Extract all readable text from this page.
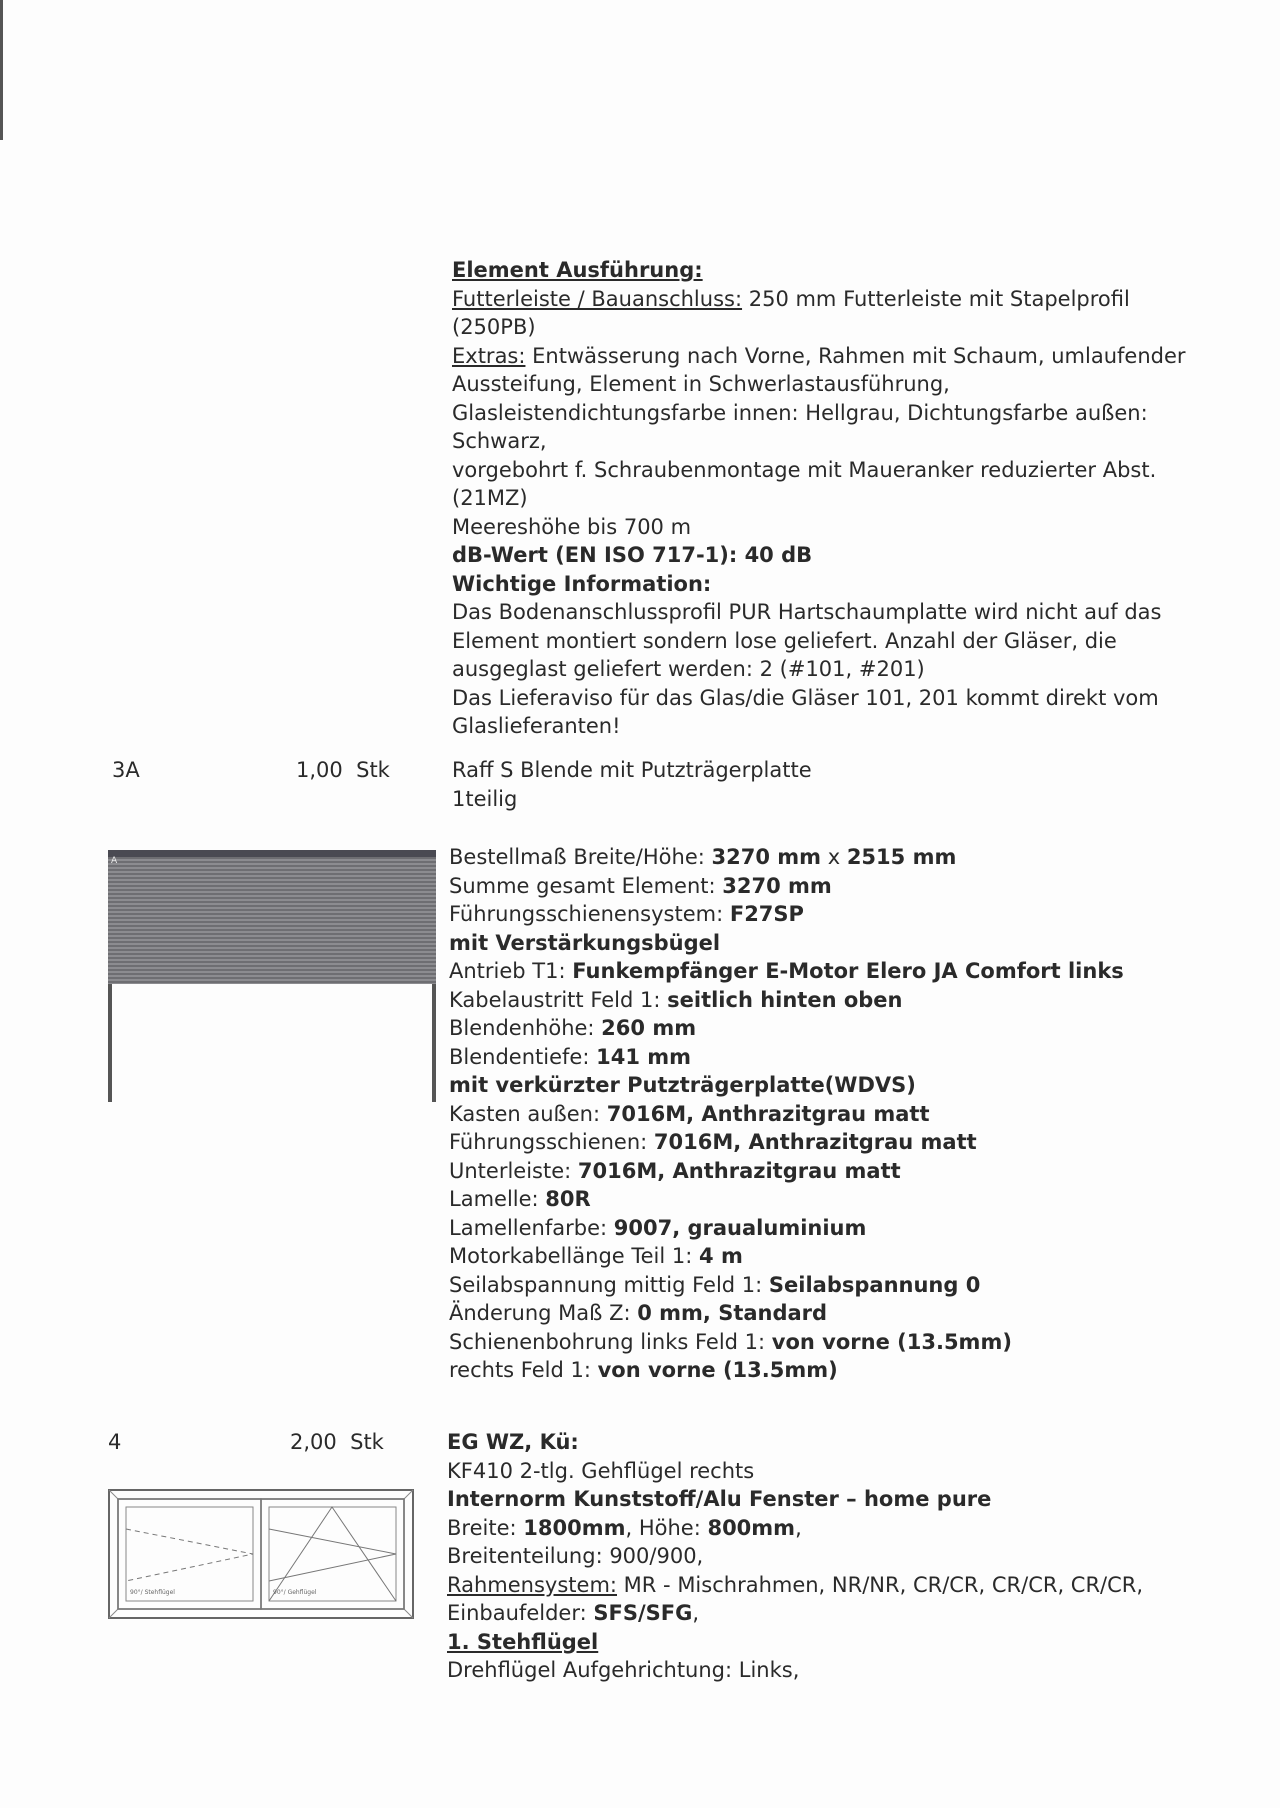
Element Ausführung:
Futterleiste / Bauanschluss: 250 mm Futterleiste mit Stapelprofil
(250PB)
Extras: Entwässerung nach Vorne, Rahmen mit Schaum, umlaufender
Aussteifung, Element in Schwerlastausführung,
Glasleistendichtungsfarbe innen: Hellgrau, Dichtungsfarbe außen:
Schwarz,
vorgebohrt f. Schraubenmontage mit Maueranker reduzierter Abst.
(21MZ)
Meereshöhe bis 700 m
dB-Wert (EN ISO 717-1): 40 dB
Wichtige Information:
Das Bodenanschlussprofil PUR Hartschaumplatte wird nicht auf das
Element montiert sondern lose geliefert. Anzahl der Gläser, die
ausgeglast geliefert werden: 2 (#101, #201)
Das Lieferaviso für das Glas/die Gläser 101, 201 kommt direkt vom
Glaslieferanten!
3A	1,00  Stk	Raff S Blende mit Putzträgerplatte
1teilig
A	Bestellmaß Breite/Höhe: 3270 mm x 2515 mm
Summe gesamt Element: 3270 mm
Führungsschienensystem: F27SP
mit Verstärkungsbügel
Antrieb T1: Funkempfänger E-Motor Elero JA Comfort links
Kabelaustritt Feld 1: seitlich hinten oben
Blendenhöhe: 260 mm
Blendentiefe: 141 mm
mit verkürzter Putzträgerplatte(WDVS)
Kasten außen: 7016M, Anthrazitgrau matt
Führungsschienen: 7016M, Anthrazitgrau matt
Unterleiste: 7016M, Anthrazitgrau matt
Lamelle: 80R
Lamellenfarbe: 9007, graualuminium
Motorkabellänge Teil 1: 4 m
Seilabspannung mittig Feld 1: Seilabspannung 0
Änderung Maß Z: 0 mm, Standard
Schienenbohrung links Feld 1: von vorne (13.5mm)
rechts Feld 1: von vorne (13.5mm)
4	2,00  Stk	EG WZ, Kü:
KF410 2-tlg. Gehflügel rechts
Internorm Kunststoff/Alu Fenster – home pure
Breite: 1800mm, Höhe: 800mm,
Breitenteilung: 900/900,
Rahmensystem: MR - Mischrahmen, NR/NR, CR/CR, CR/CR, CR/CR,
Einbaufelder: SFS/SFG,
1. Stehflügel
Drehflügel Aufgehrichtung: Links,
90°/ Stehflügel	90°/ Gehflügel
